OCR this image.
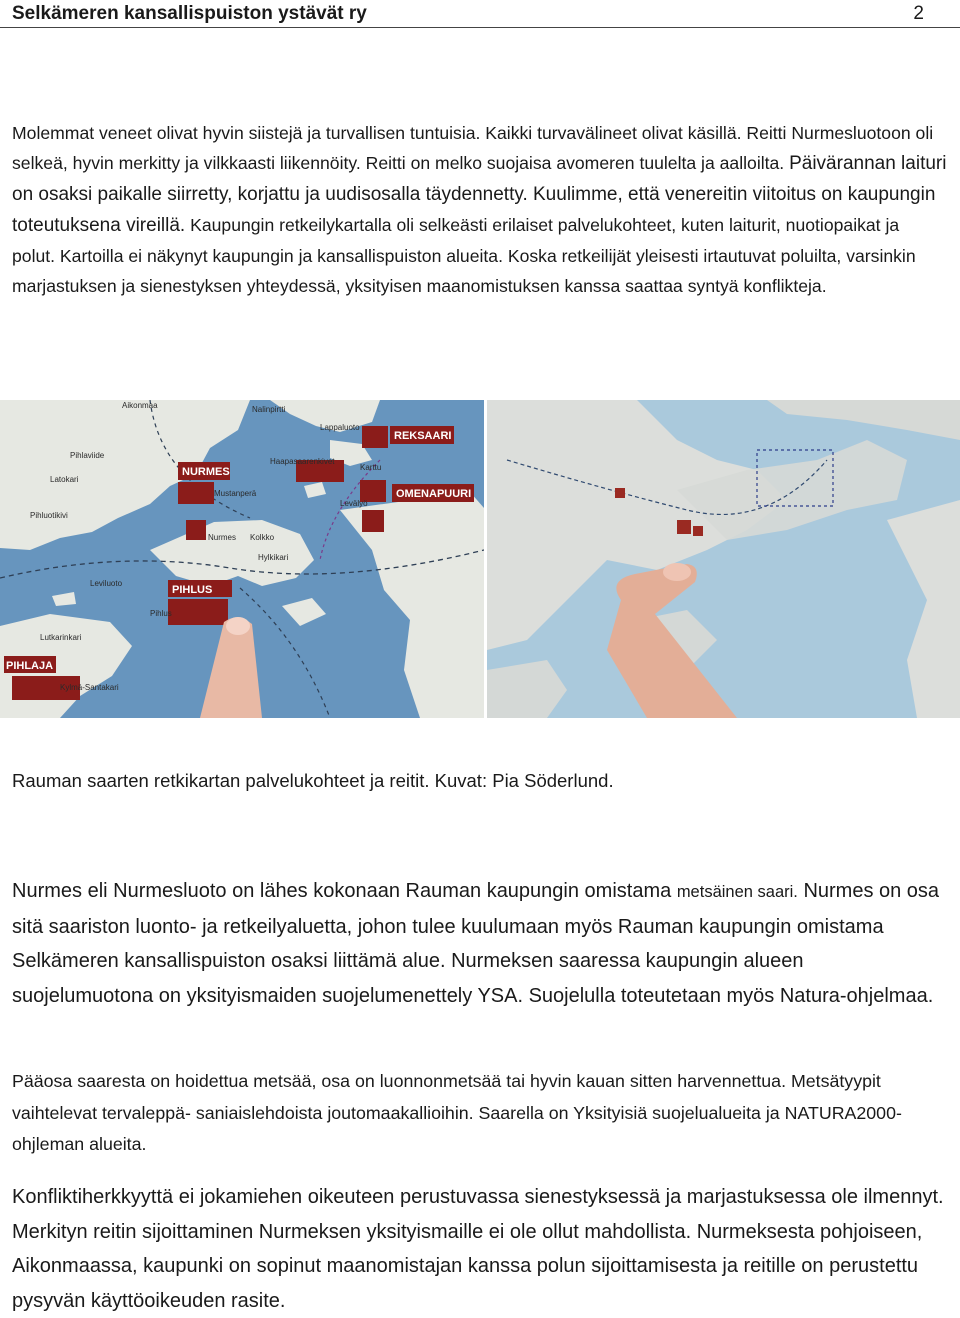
Selkämeren kansallispuiston ystävät ry	2

Molemmat veneet olivat hyvin siistejä ja turvallisen tuntuisia. Kaikki turvavälineet olivat käsillä. Reitti Nurmesluotoon oli selkeä, hyvin merkitty ja vilkkaasti liikennöity. Reitti on melko suojaisa avomeren tuulelta ja aalloilta. Päivärannan laituri on osaksi paikalle siirretty, korjattu ja uudisosalla täydennetty. Kuulimme, että venereitin viitoitus on kaupungin toteutuksena vireillä. Kaupungin retkeilykartalla oli selkeästi erilaiset palvelukohteet, kuten laiturit, nuotiopaikat ja polut. Kartoilla ei näkynyt kaupungin ja kansallispuiston alueita. Koska retkeilijät yleisesti irtautuvat poluilta, varsinkin marjastuksen ja sienestyksen yhteydessä, yksityisen maanomistuksen kanssa saattaa syntyä konflikteja.

NURMES
PIHLUS
REKSAARI
OMENAPUURI
PIHLAJA
Aikonmaa	Nalinpirtti
Lappaluoto
Mustanperä
Kolkko
Levälyö
Karttu
Nurmes
Hylkikari
Haapasaarenkivet
Pihlus
Pihlaviide
Latokari
Kylmä-Santakari
Lutkarinkari
Pihluotikivi
Leviluoto
Rauman saarten retkikartan palvelukohteet ja reitit. Kuvat: Pia Söderlund.

Nurmes eli Nurmesluoto on lähes kokonaan Rauman kaupungin omistama metsäinen saari. Nurmes on osa sitä saariston luonto- ja retkeilyaluetta, johon tulee kuulumaan myös Rauman kaupungin omistama Selkämeren kansallispuiston osaksi liittämä alue. Nurmeksen saaressa kaupungin alueen suojelumuotona on yksityismaiden suojelumenettely YSA. Suojelulla toteutetaan myös Natura-ohjelmaa.

Pääosa saaresta on hoidettua metsää, osa on luonnonmetsää tai hyvin kauan sitten harvennettua. Metsätyypit vaihtelevat tervaleppä- saniaislehdoista joutomaakallioihin. Saarella on Yksityisiä suojelualueita ja NATURA2000-ohjleman alueita.

Konfliktiherkkyyttä ei jokamiehen oikeuteen perustuvassa sienestyksessä ja marjastuksessa ole ilmennyt. Merkityn reitin sijoittaminen Nurmeksen yksityismaille ei ole ollut mahdollista. Nurmeksesta pohjoiseen, Aikonmaassa, kaupunki on sopinut maanomistajan kanssa polun sijoittamisesta ja reitille on perustettu pysyvän käyttöoikeuden rasite.
